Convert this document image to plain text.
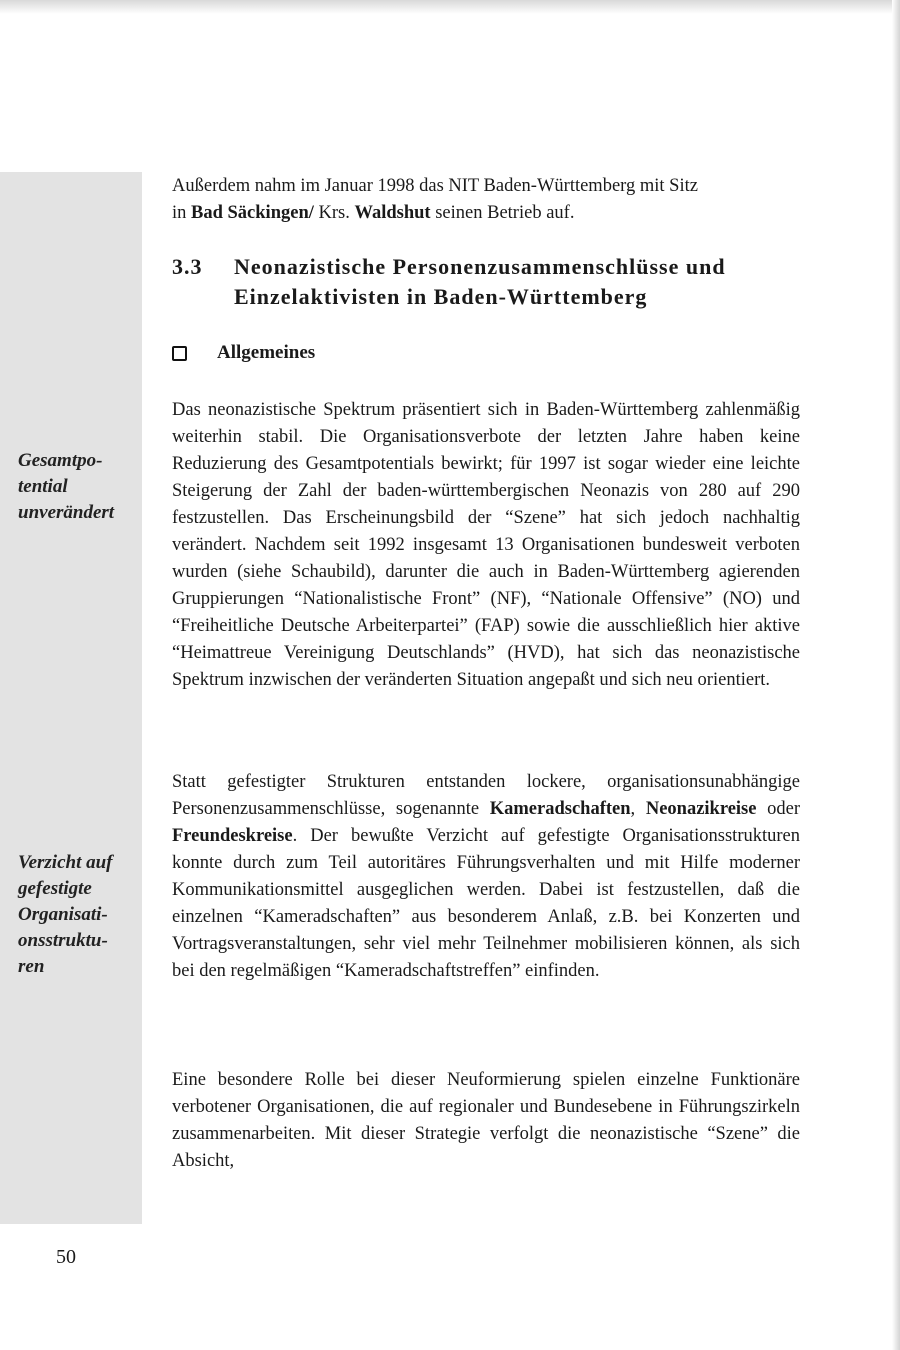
Gesamtpo-
tential
unverändert
Verzicht auf
gefestigte
Organisati-
onsstruktu-
ren

Außerdem nahm im Januar 1998 das NIT Baden-Württemberg mit Sitz
in Bad Säckingen/ Krs. Waldshut seinen Betrieb auf.

3.3 Neonazistische Personenzusammenschlüsse und
Einzelaktivisten in Baden-Württemberg
Allgemeines

Das neonazistische Spektrum präsentiert sich in Baden-Württemberg zahlenmäßig weiterhin stabil. Die Organisationsverbote der letzten Jahre haben keine Reduzierung des Gesamtpotentials bewirkt; für 1997 ist sogar wieder eine leichte Steigerung der Zahl der baden-württembergischen Neonazis von 280 auf 290 festzustellen. Das Erscheinungsbild der “Szene” hat sich jedoch nachhaltig verändert. Nachdem seit 1992 insgesamt 13 Organisationen bundesweit verboten wurden (siehe Schaubild), darunter die auch in Baden-Württemberg agierenden Gruppierungen “Nationalistische Front” (NF), “Nationale Offensive” (NO) und “Freiheitliche Deutsche Arbeiterpartei” (FAP) sowie die ausschließlich hier aktive “Heimattreue Vereinigung Deutschlands” (HVD), hat sich das neonazistische Spektrum inzwischen der veränderten Situation angepaßt und sich neu orientiert.

Statt gefestigter Strukturen entstanden lockere, organisationsunabhängige Personenzusammenschlüsse, sogenannte Kameradschaften, Neonazikreise oder Freundeskreise. Der bewußte Verzicht auf gefestigte Organisationsstrukturen konnte durch zum Teil autoritäres Führungsverhalten und mit Hilfe moderner Kommunikationsmittel ausgeglichen werden. Dabei ist festzustellen, daß die einzelnen “Kameradschaften” aus besonderem Anlaß, z.B. bei Konzerten und Vortragsveranstaltungen, sehr viel mehr Teilnehmer mobilisieren können, als sich bei den regelmäßigen “Kameradschaftstreffen” einfinden.

Eine besondere Rolle bei dieser Neuformierung spielen einzelne Funktionäre verbotener Organisationen, die auf regionaler und Bundesebene in Führungszirkeln zusammenarbeiten. Mit dieser Strategie verfolgt die neonazistische “Szene” die Absicht,

50
